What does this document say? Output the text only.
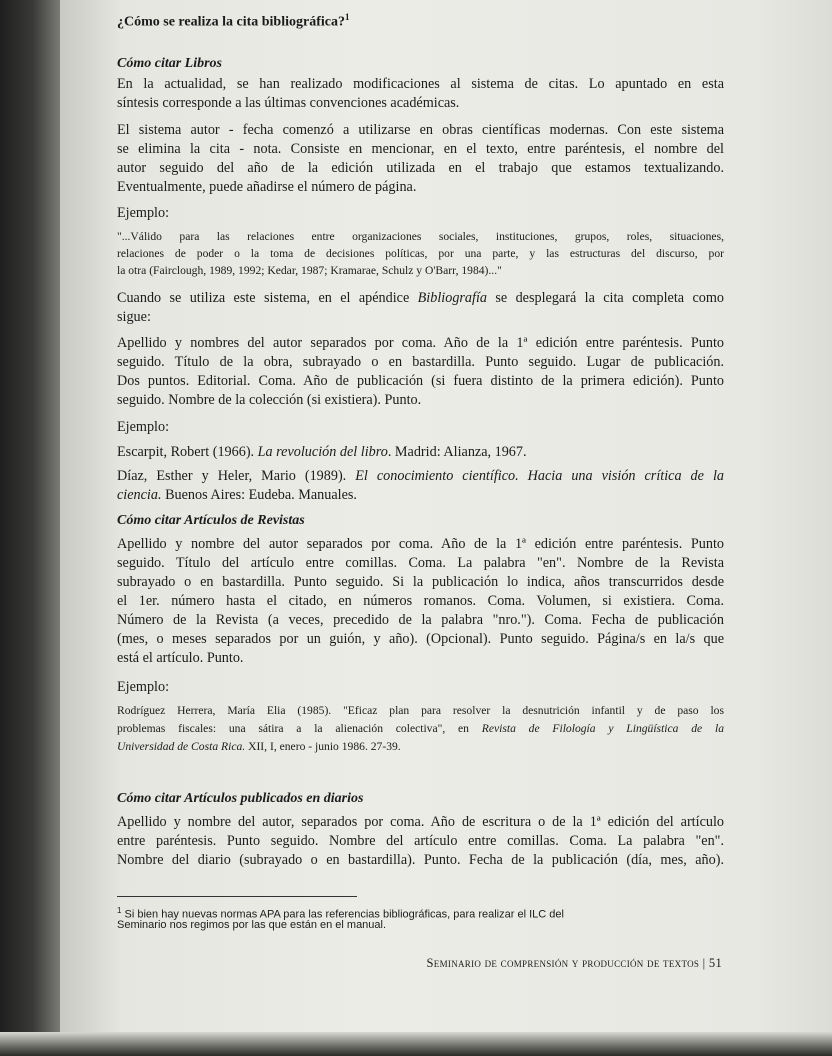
¿Cómo se realiza la cita bibliográfica?$^1$
Cómo citar Libros
En la actualidad, se han realizado modificaciones al sistema de citas. Lo apuntado en esta
síntesis corresponde a las últimas convenciones académicas.
El sistema autor - fecha comenzó a utilizarse en obras científicas modernas. Con este sistema
se elimina la cita - nota. Consiste en mencionar, en el texto, entre paréntesis, el nombre del
autor seguido del año de la edición utilizada en el trabajo que estamos textualizando.
Eventualmente, puede añadirse el número de página.
Ejemplo:
"...Válido para las relaciones entre organizaciones sociales, instituciones, grupos, roles, situaciones,
relaciones de poder o la toma de decisiones políticas, por una parte, y las estructuras del discurso, por
la otra (Fairclough, 1989, 1992; Kedar, 1987; Kramarae, Schulz y O'Barr, 1984)..."
Cuando se utiliza este sistema, en el apéndice Bibliografía se desplegará la cita completa como
sigue:
Apellido y nombres del autor separados por coma. Año de la 1ª edición entre paréntesis. Punto
seguido. Título de la obra, subrayado o en bastardilla. Punto seguido. Lugar de publicación.
Dos puntos. Editorial. Coma. Año de publicación (si fuera distinto de la primera edición). Punto
seguido. Nombre de la colección (si existiera). Punto.
Ejemplo:
Escarpit, Robert (1966). La revolución del libro. Madrid: Alianza, 1967.
Díaz, Esther y Heler, Mario (1989). El conocimiento científico. Hacia una visión crítica de la
ciencia. Buenos Aires: Eudeba. Manuales.
Cómo citar Artículos de Revistas
Apellido y nombre del autor separados por coma. Año de la 1ª edición entre paréntesis. Punto
seguido. Título del artículo entre comillas. Coma. La palabra "en". Nombre de la Revista
subrayado o en bastardilla. Punto seguido. Si la publicación lo indica, años transcurridos desde
el 1er. número hasta el citado, en números romanos. Coma. Volumen, si existiera. Coma.
Número de la Revista (a veces, precedido de la palabra "nro."). Coma. Fecha de publicación
(mes, o meses separados por un guión, y año). (Opcional). Punto seguido. Página/s en la/s que
está el artículo. Punto.
Ejemplo:
Rodríguez Herrera, María Elia (1985). "Eficaz plan para resolver la desnutrición infantil y de paso los
problemas fiscales: una sátira a la alienación colectiva", en Revista de Filología y Lingüística de la
Universidad de Costa Rica. XII, I, enero - junio 1986. 27-39.
Cómo citar Artículos publicados en diarios
Apellido y nombre del autor, separados por coma. Año de escritura o de la 1ª edición del artículo
entre paréntesis. Punto seguido. Nombre del artículo entre comillas. Coma. La palabra "en".
Nombre del diario (subrayado o en bastardilla). Punto. Fecha de la publicación (día, mes, año).
$^1$ Si bien hay nuevas normas APA para las referencias bibliográficas, para realizar el ILC del
Seminario nos regimos por las que están en el manual.
Seminario de comprensión y producción de textos | 51
